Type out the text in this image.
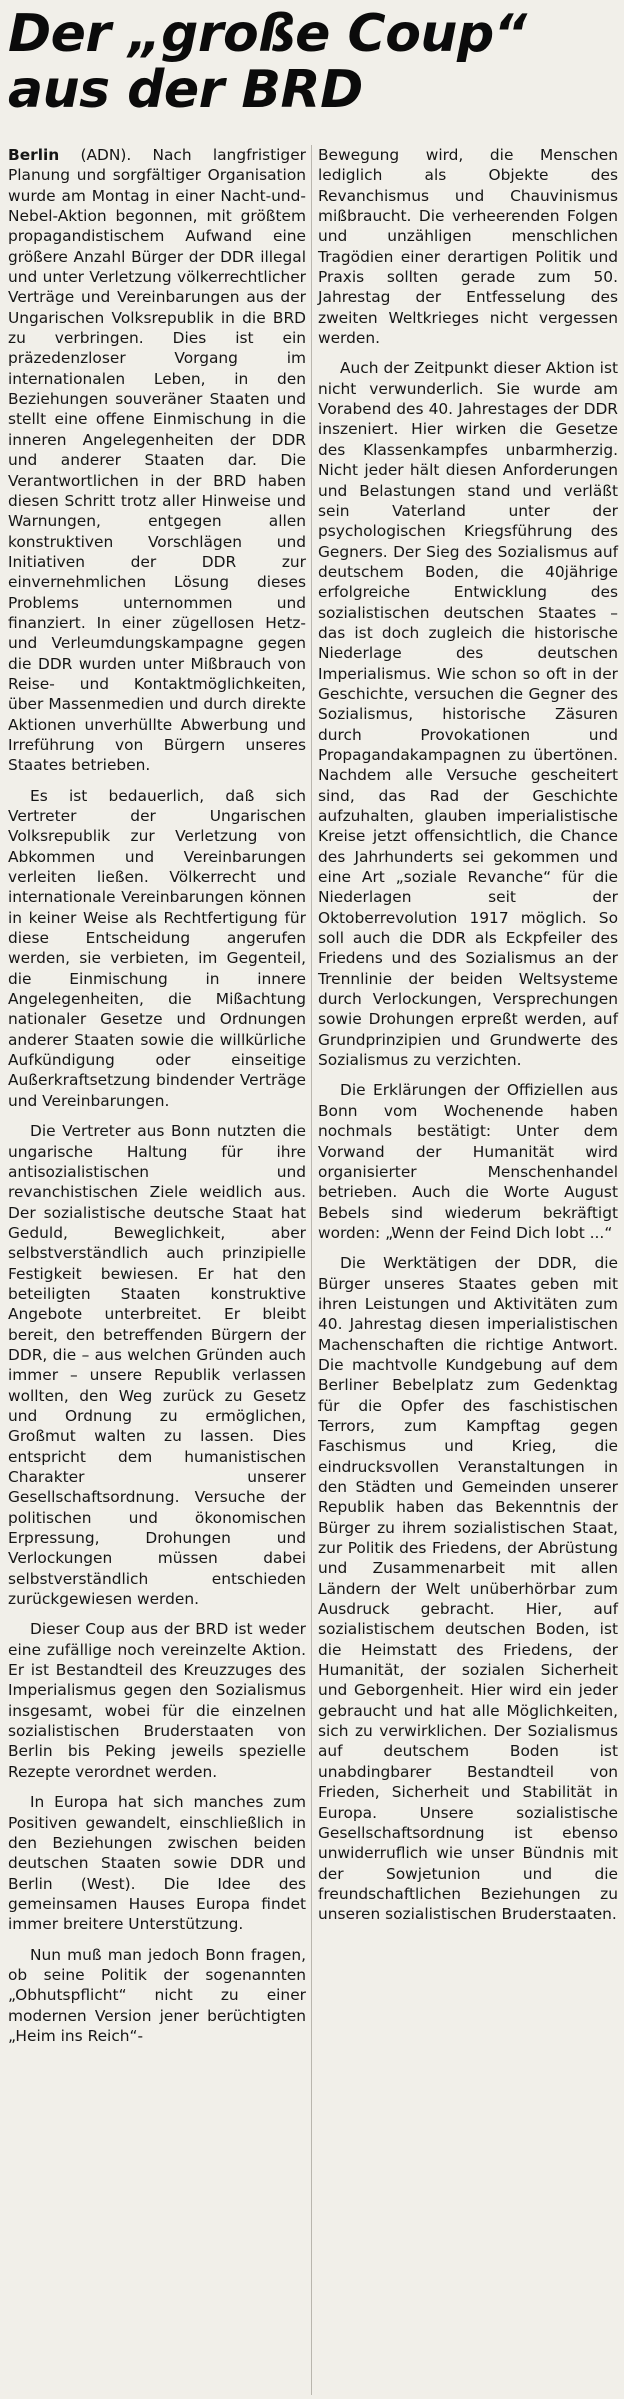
Der „große Coup“
aus der BRD

Berlin (ADN). Nach langfristiger Planung und sorgfältiger Organisation wurde am Montag in einer Nacht-und-Nebel-Aktion begonnen, mit größtem propagandistischem Aufwand eine größere Anzahl Bürger der DDR illegal und unter Verletzung völkerrechtlicher Verträge und Vereinbarungen aus der Ungarischen Volksrepublik in die BRD zu verbringen. Dies ist ein präzedenzloser Vorgang im internationalen Leben, in den Beziehungen souveräner Staaten und stellt eine offene Einmischung in die inneren Angelegenheiten der DDR und anderer Staaten dar. Die Verantwortlichen in der BRD haben diesen Schritt trotz aller Hinweise und Warnungen, entgegen allen konstruktiven Vorschlägen und Initiativen der DDR zur einvernehmlichen Lösung dieses Problems unternommen und finanziert. In einer zügellosen Hetz- und Verleumdungskampagne gegen die DDR wurden unter Mißbrauch von Reise- und Kontaktmöglichkeiten, über Massenmedien und durch direkte Aktionen unverhüllte Abwerbung und Irreführung von Bürgern unseres Staates betrieben.

Es ist bedauerlich, daß sich Vertreter der Ungarischen Volksrepublik zur Verletzung von Abkommen und Vereinbarungen verleiten ließen. Völkerrecht und internationale Vereinbarungen können in keiner Weise als Rechtfertigung für diese Entscheidung angerufen werden, sie verbieten, im Gegenteil, die Einmischung in innere Angelegenheiten, die Mißachtung nationaler Gesetze und Ordnungen anderer Staaten sowie die willkürliche Aufkündigung oder einseitige Außerkraftsetzung bindender Verträge und Vereinbarungen.

Die Vertreter aus Bonn nutzten die ungarische Haltung für ihre antisozialistischen und revanchistischen Ziele weidlich aus. Der sozialistische deutsche Staat hat Geduld, Beweglichkeit, aber selbstverständlich auch prinzipielle Festigkeit bewiesen. Er hat den beteiligten Staaten konstruktive Angebote unterbreitet. Er bleibt bereit, den betreffenden Bürgern der DDR, die – aus welchen Gründen auch immer – unsere Republik verlassen wollten, den Weg zurück zu Gesetz und Ordnung zu ermöglichen, Großmut walten zu lassen. Dies entspricht dem humanistischen Charakter unserer Gesellschaftsordnung. Versuche der politischen und ökonomischen Erpressung, Drohungen und Verlockungen müssen dabei selbstverständlich entschieden zurückgewiesen werden.

Dieser Coup aus der BRD ist weder eine zufällige noch vereinzelte Aktion. Er ist Bestandteil des Kreuzzuges des Imperialismus gegen den Sozialismus insgesamt, wobei für die einzelnen sozialistischen Bruderstaaten von Berlin bis Peking jeweils spezielle Rezepte verordnet werden.

In Europa hat sich manches zum Positiven gewandelt, einschließlich in den Beziehungen zwischen beiden deutschen Staaten sowie DDR und Berlin (West). Die Idee des gemeinsamen Hauses Europa findet immer breitere Unterstützung.

Nun muß man jedoch Bonn fragen, ob seine Politik der sogenannten „Obhutspflicht“ nicht zu einer modernen Version jener berüchtigten „Heim ins Reich“-

Bewegung wird, die Menschen lediglich als Objekte des Revanchismus und Chauvinismus mißbraucht. Die verheerenden Folgen und unzähligen menschlichen Tragödien einer derartigen Politik und Praxis sollten gerade zum 50. Jahrestag der Entfesselung des zweiten Weltkrieges nicht vergessen werden.

Auch der Zeitpunkt dieser Aktion ist nicht verwunderlich. Sie wurde am Vorabend des 40. Jahrestages der DDR inszeniert. Hier wirken die Gesetze des Klassenkampfes unbarmherzig. Nicht jeder hält diesen Anforderungen und Belastungen stand und verläßt sein Vaterland unter der psychologischen Kriegsführung des Gegners. Der Sieg des Sozialismus auf deutschem Boden, die 40jährige erfolgreiche Entwicklung des sozialistischen deutschen Staates – das ist doch zugleich die historische Niederlage des deutschen Imperialismus. Wie schon so oft in der Geschichte, versuchen die Gegner des Sozialismus, historische Zäsuren durch Provokationen und Propagandakampagnen zu übertönen. Nachdem alle Versuche gescheitert sind, das Rad der Geschichte aufzuhalten, glauben imperialistische Kreise jetzt offensichtlich, die Chance des Jahrhunderts sei gekommen und eine Art „soziale Revanche“ für die Niederlagen seit der Oktoberrevolution 1917 möglich. So soll auch die DDR als Eckpfeiler des Friedens und des Sozialismus an der Trennlinie der beiden Weltsysteme durch Verlockungen, Versprechungen sowie Drohungen erpreßt werden, auf Grundprinzipien und Grundwerte des Sozialismus zu verzichten.

Die Erklärungen der Offiziellen aus Bonn vom Wochenende haben nochmals bestätigt: Unter dem Vorwand der Humanität wird organisierter Menschenhandel betrieben. Auch die Worte August Bebels sind wiederum bekräftigt worden: „Wenn der Feind Dich lobt ...“

Die Werktätigen der DDR, die Bürger unseres Staates geben mit ihren Leistungen und Aktivitäten zum 40. Jahrestag diesen imperialistischen Machenschaften die richtige Antwort. Die machtvolle Kundgebung auf dem Berliner Bebelplatz zum Gedenktag für die Opfer des faschistischen Terrors, zum Kampftag gegen Faschismus und Krieg, die eindrucksvollen Veranstaltungen in den Städten und Gemeinden unserer Republik haben das Bekenntnis der Bürger zu ihrem sozialistischen Staat, zur Politik des Friedens, der Abrüstung und Zusammenarbeit mit allen Ländern der Welt unüberhörbar zum Ausdruck gebracht. Hier, auf sozialistischem deutschen Boden, ist die Heimstatt des Friedens, der Humanität, der sozialen Sicherheit und Geborgenheit. Hier wird ein jeder gebraucht und hat alle Möglichkeiten, sich zu verwirklichen. Der Sozialismus auf deutschem Boden ist unabdingbarer Bestandteil von Frieden, Sicherheit und Stabilität in Europa. Unsere sozialistische Gesellschaftsordnung ist ebenso unwiderruflich wie unser Bündnis mit der Sowjetunion und die freundschaftlichen Beziehungen zu unseren sozialistischen Bruderstaaten.
